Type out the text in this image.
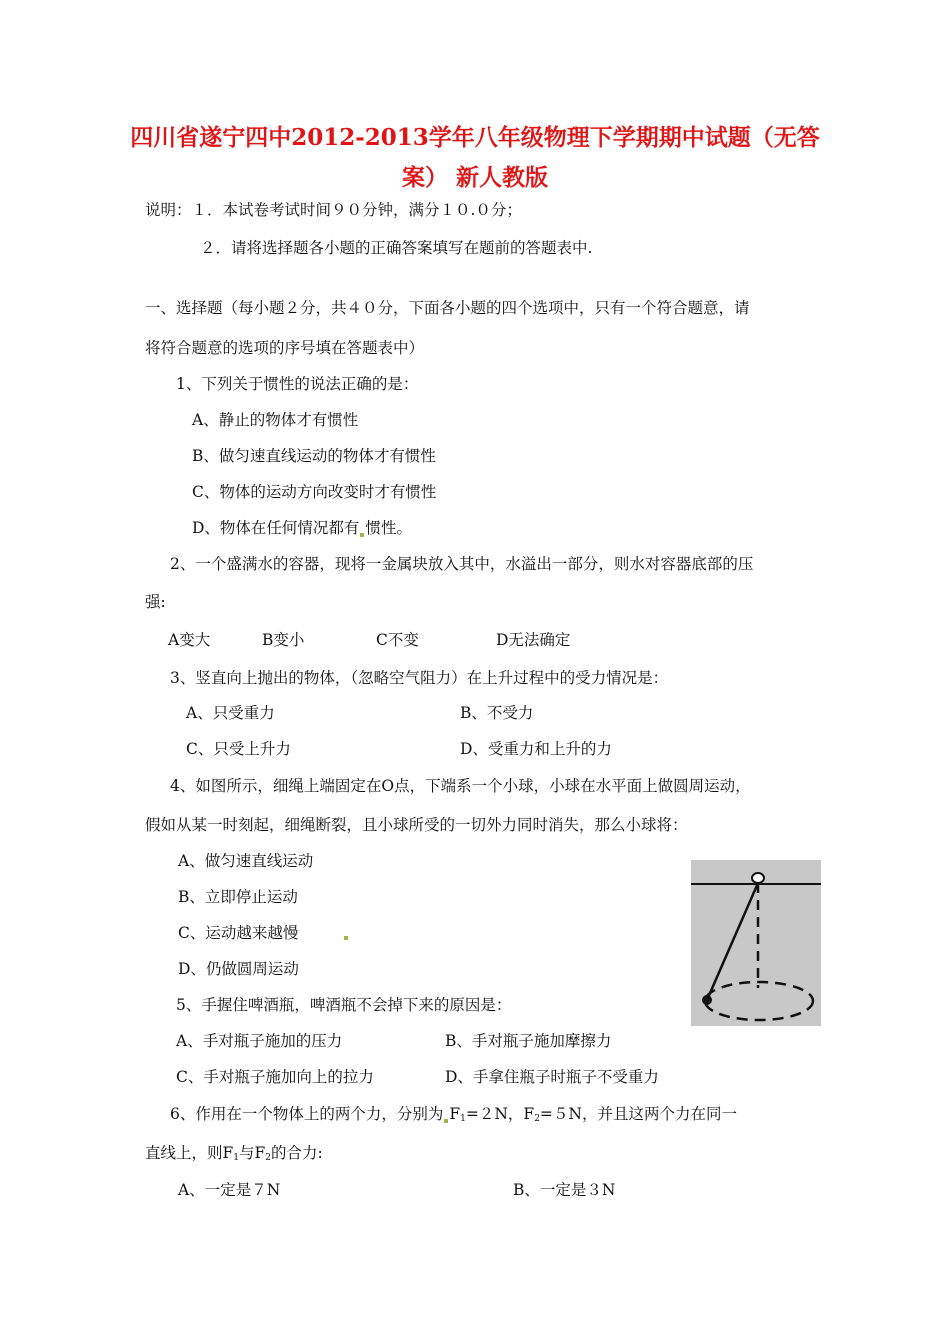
四川省遂宁四中2012-2013学年八年级物理下学期期中试题（无答
案） 新人教版
说明：１．本试卷考试时间９０分钟，满分１０.０分；
２．请将选择题各小题的正确答案填写在题前的答题表中.
一、选择题（每小题２分，共４０分，下面各小题的四个选项中，只有一个符合题意，请
将符合题意的选项的序号填在答题表中）
1、下列关于惯性的说法正确的是：
A、静止的物体才有惯性
B、做匀速直线运动的物体才有惯性
C、物体的运动方向改变时才有惯性
D、物体在任何情况都有 惯性。
2、一个盛满水的容器，现将一金属块放入其中，水溢出一部分，则水对容器底部的压
强:
A变大	B变小	C不变	D无法确定
3、竖直向上抛出的物体，（忽略空气阻力）在上升过程中的受力情况是：
A、只受重力	B、不受力
C、只受上升力	D、受重力和上升的力
4、如图所示，细绳上端固定在O点，下端系一个小球，小球在水平面上做圆周运动，
假如从某一时刻起，细绳断裂，且小球所受的一切外力同时消失，那么小球将：
A、做匀速直线运动
B、立即停止运动
C、运动越来越慢
D、仍做圆周运动
5、手握住啤酒瓶，啤酒瓶不会掉下来的原因是：
A、手对瓶子施加的压力	B、手对瓶子施加摩擦力
C、手对瓶子施加向上的拉力	D、手拿住瓶子时瓶子不受重力
6、作用在一个物体上的两个力，分别为 $F_1=2N$，$F_2=5N$，并且这两个力在同一
直线上，则$F_1$与$F_2$的合力:
A、一定是７N	B、一定是３N
